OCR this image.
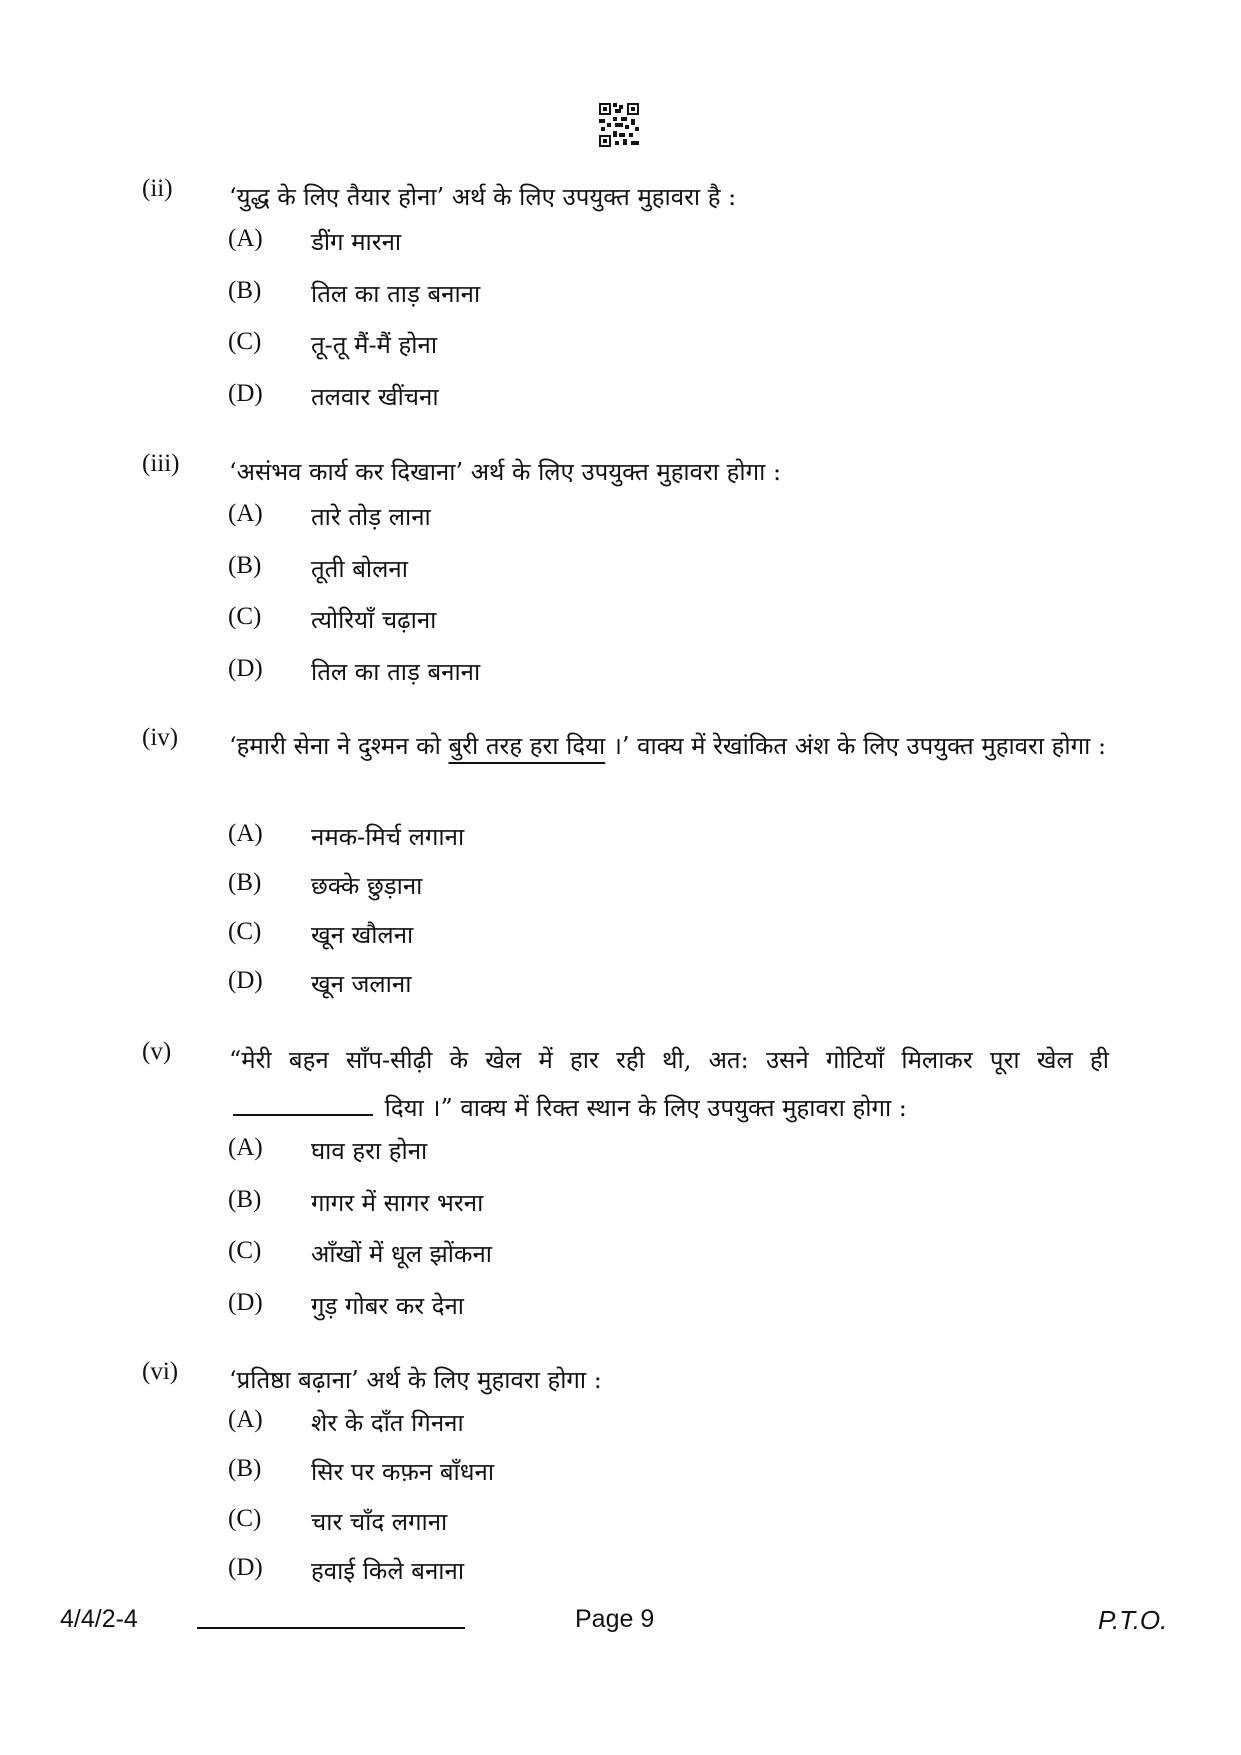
(ii) ‘युद्ध के लिए तैयार होना’ अर्थ के लिए उपयुक्त मुहावरा है :
(A) डींग मारना
(B) तिल का ताड़ बनाना
(C) तू-तू मैं-मैं होना
(D) तलवार खींचना
(iii) ‘असंभव कार्य कर दिखाना’ अर्थ के लिए उपयुक्त मुहावरा होगा :
(A) तारे तोड़ लाना
(B) तूती बोलना
(C) त्योरियाँ चढ़ाना
(D) तिल का ताड़ बनाना
(iv) ‘हमारी सेना ने दुश्मन को बुरी तरह हरा दिया ।’ वाक्य में रेखांकित अंश के लिए उपयुक्त मुहावरा होगा :
(A) नमक-मिर्च लगाना
(B) छक्के छुड़ाना
(C) खून खौलना
(D) खून जलाना
(v) “मेरी बहन साँप-सीढ़ी के खेल में हार रही थी, अत: उसने गोटियाँ मिलाकर पूरा खेल ही  दिया ।” वाक्य में रिक्त स्थान के लिए उपयुक्त मुहावरा होगा :
(A) घाव हरा होना
(B) गागर में सागर भरना
(C) आँखों में धूल झोंकना
(D) गुड़ गोबर कर देना
(vi) ‘प्रतिष्ठा बढ़ाना’ अर्थ के लिए मुहावरा होगा :
(A) शेर के दाँत गिनना
(B) सिर पर कफ़न बाँधना
(C) चार चाँद लगाना
(D) हवाई किले बनाना
4/4/2-4	Page 9	P.T.O.
